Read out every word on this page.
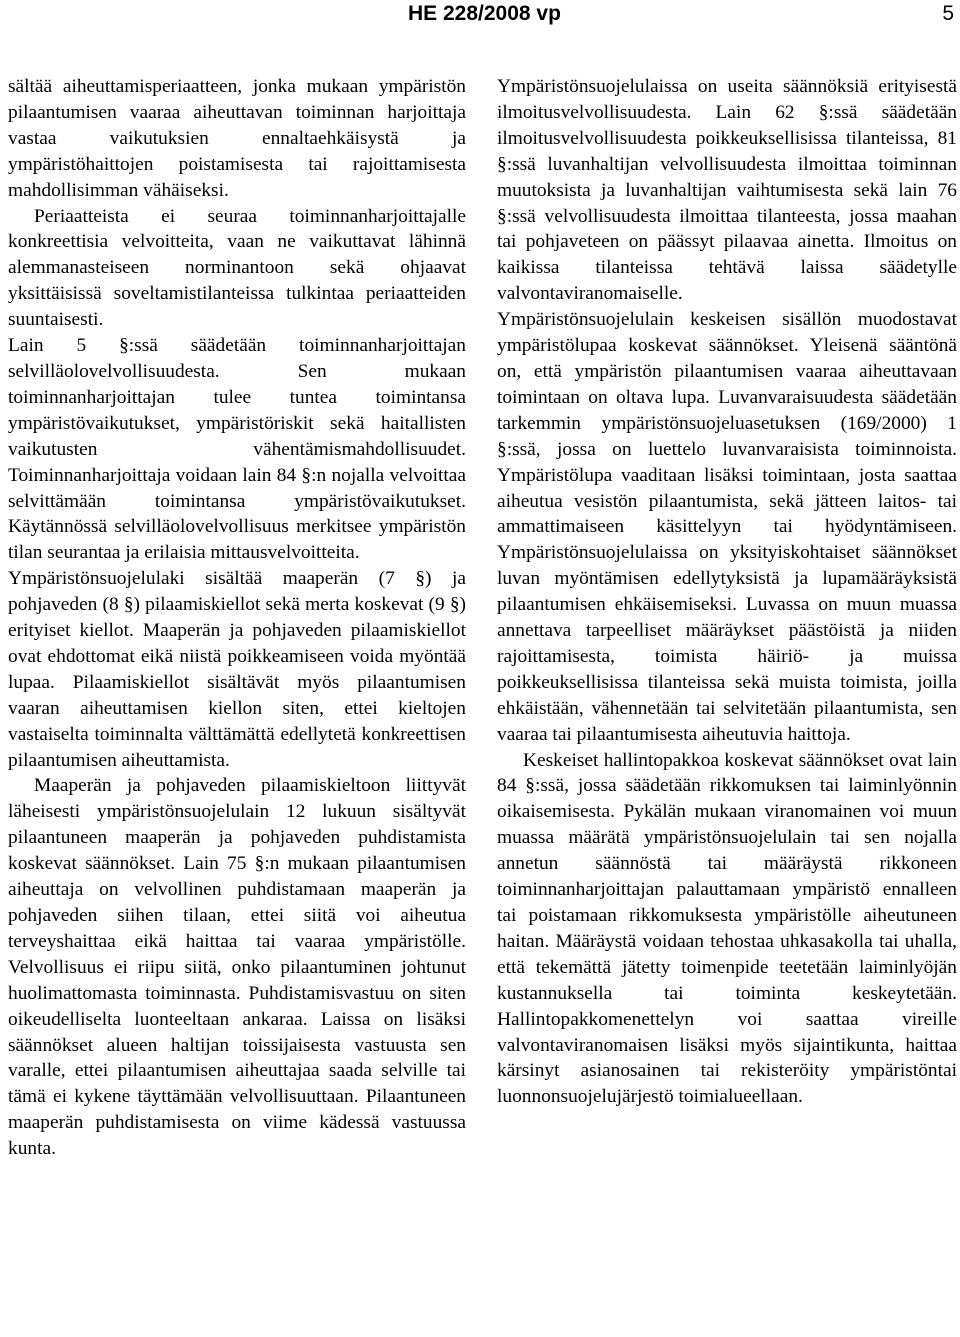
HE 228/2008 vp	5

sältää aiheuttamisperiaatteen, jonka mukaan ympäristön pilaantumisen vaaraa aiheuttavan toiminnan harjoittaja vastaa vaikutuksien ennaltaehkäisystä ja ympäristöhaittojen poistamisesta tai rajoittamisesta mahdollisimman vähäiseksi.

Periaatteista ei seuraa toiminnanharjoittajalle konkreettisia velvoitteita, vaan ne vaikuttavat lähinnä alemmanasteiseen norminantoon sekä ohjaavat yksittäisissä soveltamistilanteissa tulkintaa periaatteiden suuntaisesti.

Lain 5 §:ssä säädetään toiminnanharjoittajan selvilläolovelvollisuudesta. Sen mukaan toiminnanharjoittajan tulee tuntea toimintansa ympäristövaikutukset, ympäristöriskit sekä haitallisten vaikutusten vähentämismahdollisuudet. Toiminnanharjoittaja voidaan lain 84 §:n nojalla velvoittaa selvittämään toimintansa ympäristövaikutukset. Käytännössä selvilläolovelvollisuus merkitsee ympäristön tilan seurantaa ja erilaisia mittausvelvoitteita.

Ympäristönsuojelulaki sisältää maaperän (7 §) ja pohjaveden (8 §) pilaamiskiellot sekä merta koskevat (9 §) erityiset kiellot. Maaperän ja pohjaveden pilaamiskiellot ovat ehdottomat eikä niistä poikkeamiseen voida myöntää lupaa. Pilaamiskiellot sisältävät myös pilaantumisen vaaran aiheuttamisen kiellon siten, ettei kieltojen vastaiselta toiminnalta välttämättä edellytetä konkreettisen pilaantumisen aiheuttamista.

Maaperän ja pohjaveden pilaamiskieltoon liittyvät läheisesti ympäristönsuojelulain 12 lukuun sisältyvät pilaantuneen maaperän ja pohjaveden puhdistamista koskevat säännökset. Lain 75 §:n mukaan pilaantumisen aiheuttaja on velvollinen puhdistamaan maaperän ja pohjaveden siihen tilaan, ettei siitä voi aiheutua terveyshaittaa eikä haittaa tai vaaraa ympäristölle. Velvollisuus ei riipu siitä, onko pilaantuminen johtunut huolimattomasta toiminnasta. Puhdistamisvastuu on siten oikeudelliselta luonteeltaan ankaraa. Laissa on lisäksi säännökset alueen haltijan toissijaisesta vastuusta sen varalle, ettei pilaantumisen aiheuttajaa saada selville tai tämä ei kykene täyttämään velvollisuuttaan. Pilaantuneen maaperän puhdistamisesta on viime kädessä vastuussa kunta.

Ympäristönsuojelulaissa on useita säännöksiä erityisestä ilmoitusvelvollisuudesta. Lain 62 §:ssä säädetään ilmoitusvelvollisuudesta poikkeuksellisissa tilanteissa, 81 §:ssä luvanhaltijan velvollisuudesta ilmoittaa toiminnan muutoksista ja luvanhaltijan vaihtumisesta sekä lain 76 §:ssä velvollisuudesta ilmoittaa tilanteesta, jossa maahan tai pohjaveteen on päässyt pilaavaa ainetta. Ilmoitus on kaikissa tilanteissa tehtävä laissa säädetylle valvontaviranomaiselle.

Ympäristönsuojelulain keskeisen sisällön muodostavat ympäristölupaa koskevat säännökset. Yleisenä sääntönä on, että ympäristön pilaantumisen vaaraa aiheuttavaan toimintaan on oltava lupa. Luvanvaraisuudesta säädetään tarkemmin ympäristönsuojeluasetuksen (169/2000) 1 §:ssä, jossa on luettelo luvanvaraisista toiminnoista. Ympäristölupa vaaditaan lisäksi toimintaan, josta saattaa aiheutua vesistön pilaantumista, sekä jätteen laitos- tai ammattimaiseen käsittelyyn tai hyödyntämiseen. Ympäristönsuojelulaissa on yksityiskohtaiset säännökset luvan myöntämisen edellytyksistä ja lupamääräyksistä pilaantumisen ehkäisemiseksi. Luvassa on muun muassa annettava tarpeelliset määräykset päästöistä ja niiden rajoittamisesta, toimista häiriö- ja muissa poikkeuksellisissa tilanteissa sekä muista toimista, joilla ehkäistään, vähennetään tai selvitetään pilaantumista, sen vaaraa tai pilaantumisesta aiheutuvia haittoja.

Keskeiset hallintopakkoa koskevat säännökset ovat lain 84 §:ssä, jossa säädetään rikkomuksen tai laiminlyönnin oikaisemisesta. Pykälän mukaan viranomainen voi muun muassa määrätä ympäristönsuojelulain tai sen nojalla annetun säännöstä tai määräystä rikkoneen toiminnanharjoittajan palauttamaan ympäristö ennalleen tai poistamaan rikkomuksesta ympäristölle aiheutuneen haitan. Määräystä voidaan tehostaa uhkasakolla tai uhalla, että tekemättä jätetty toimenpide teetetään laiminlyöjän kustannuksella tai toiminta keskeytetään. Hallintopakkomenettelyn voi saattaa vireille valvontaviranomaisen lisäksi myös sijaintikunta, haittaa kärsinyt asianosainen tai rekisteröity ympäristöntai luonnonsuojelujärjestö toimialueellaan.
